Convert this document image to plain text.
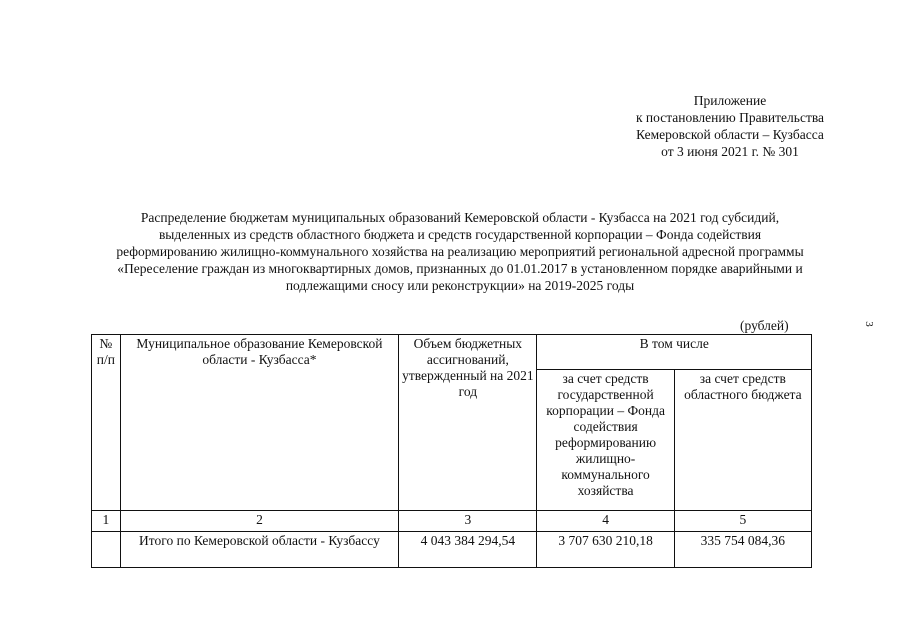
Приложение
к постановлению Правительства
Кемеровской области – Кузбасса
от 3 июня 2021 г. № 301
Распределение бюджетам муниципальных образований Кемеровской области - Кузбасса на 2021 год субсидий,
выделенных из средств областного бюджета и средств государственной корпорации – Фонда содействия
реформированию жилищно-коммунального хозяйства на реализацию мероприятий региональной адресной программы
«Переселение граждан из многоквартирных домов, признанных до 01.01.2017 в установленном порядке аварийными и
подлежащими сносу или реконструкции» на 2019-2025 годы
(рублей)	3
№ п/п	Муниципальное образование Кемеровской области - Кузбасса*	Объем бюджетных ассигнований, утвержденный на 2021 год	В том числе	
			за счет средств государственной корпорации – Фонда содействия реформированию жилищно-коммунального хозяйства	за счет средств областного бюджета
1	2	3	4	5
	Итого по Кемеровской области - Кузбассу	4 043 384 294,54	3 707 630 210,18	335 754 084,36
